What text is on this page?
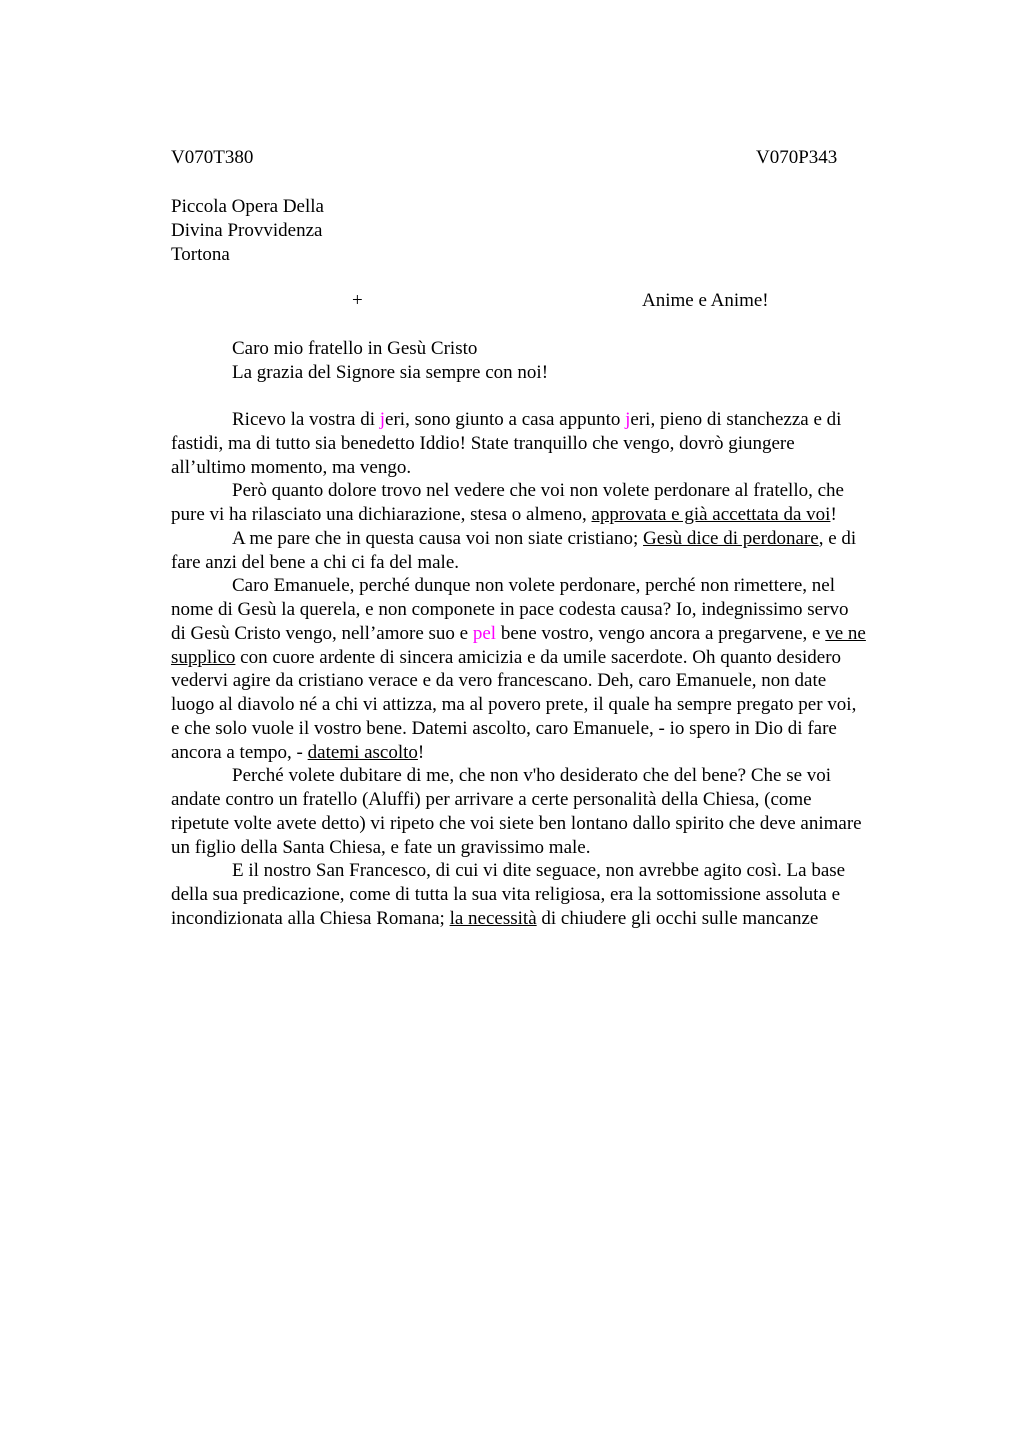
V070T380	V070P343
Piccola Opera Della
Divina Provvidenza
Tortona
+	Anime e Anime!
Caro mio fratello in Gesù Cristo
La grazia del Signore sia sempre con noi!
Ricevo la vostra di jeri, sono giunto a casa appunto jeri, pieno di stanchezza e di
fastidi, ma di tutto sia benedetto Iddio! State tranquillo che vengo, dovrò giungere
all’ultimo momento, ma vengo.
Però quanto dolore trovo nel vedere che voi non volete perdonare al fratello, che
pure vi ha rilasciato una dichiarazione, stesa o almeno, approvata e già accettata da voi!
A me pare che in questa causa voi non siate cristiano; Gesù dice di perdonare, e di
fare anzi del bene a chi ci fa del male.
Caro Emanuele, perché dunque non volete perdonare, perché non rimettere, nel
nome di Gesù la querela, e non componete in pace codesta causa? Io, indegnissimo servo
di Gesù Cristo vengo, nell’amore suo e pel bene vostro, vengo ancora a pregarvene, e ve ne
supplico con cuore ardente di sincera amicizia e da umile sacerdote. Oh quanto desidero
vedervi agire da cristiano verace e da vero francescano. Deh, caro Emanuele, non date
luogo al diavolo né a chi vi attizza, ma al povero prete, il quale ha sempre pregato per voi,
e che solo vuole il vostro bene. Datemi ascolto, caro Emanuele, - io spero in Dio di fare
ancora a tempo, - datemi ascolto!
Perché volete dubitare di me, che non v'ho desiderato che del bene? Che se voi
andate contro un fratello (Aluffi) per arrivare a certe personalità della Chiesa, (come
ripetute volte avete detto) vi ripeto che voi siete ben lontano dallo spirito che deve animare
un figlio della Santa Chiesa, e fate un gravissimo male.
E il nostro San Francesco, di cui vi dite seguace, non avrebbe agito così. La base
della sua predicazione, come di tutta la sua vita religiosa, era la sottomissione assoluta e
incondizionata alla Chiesa Romana; la necessità di chiudere gli occhi sulle mancanze
